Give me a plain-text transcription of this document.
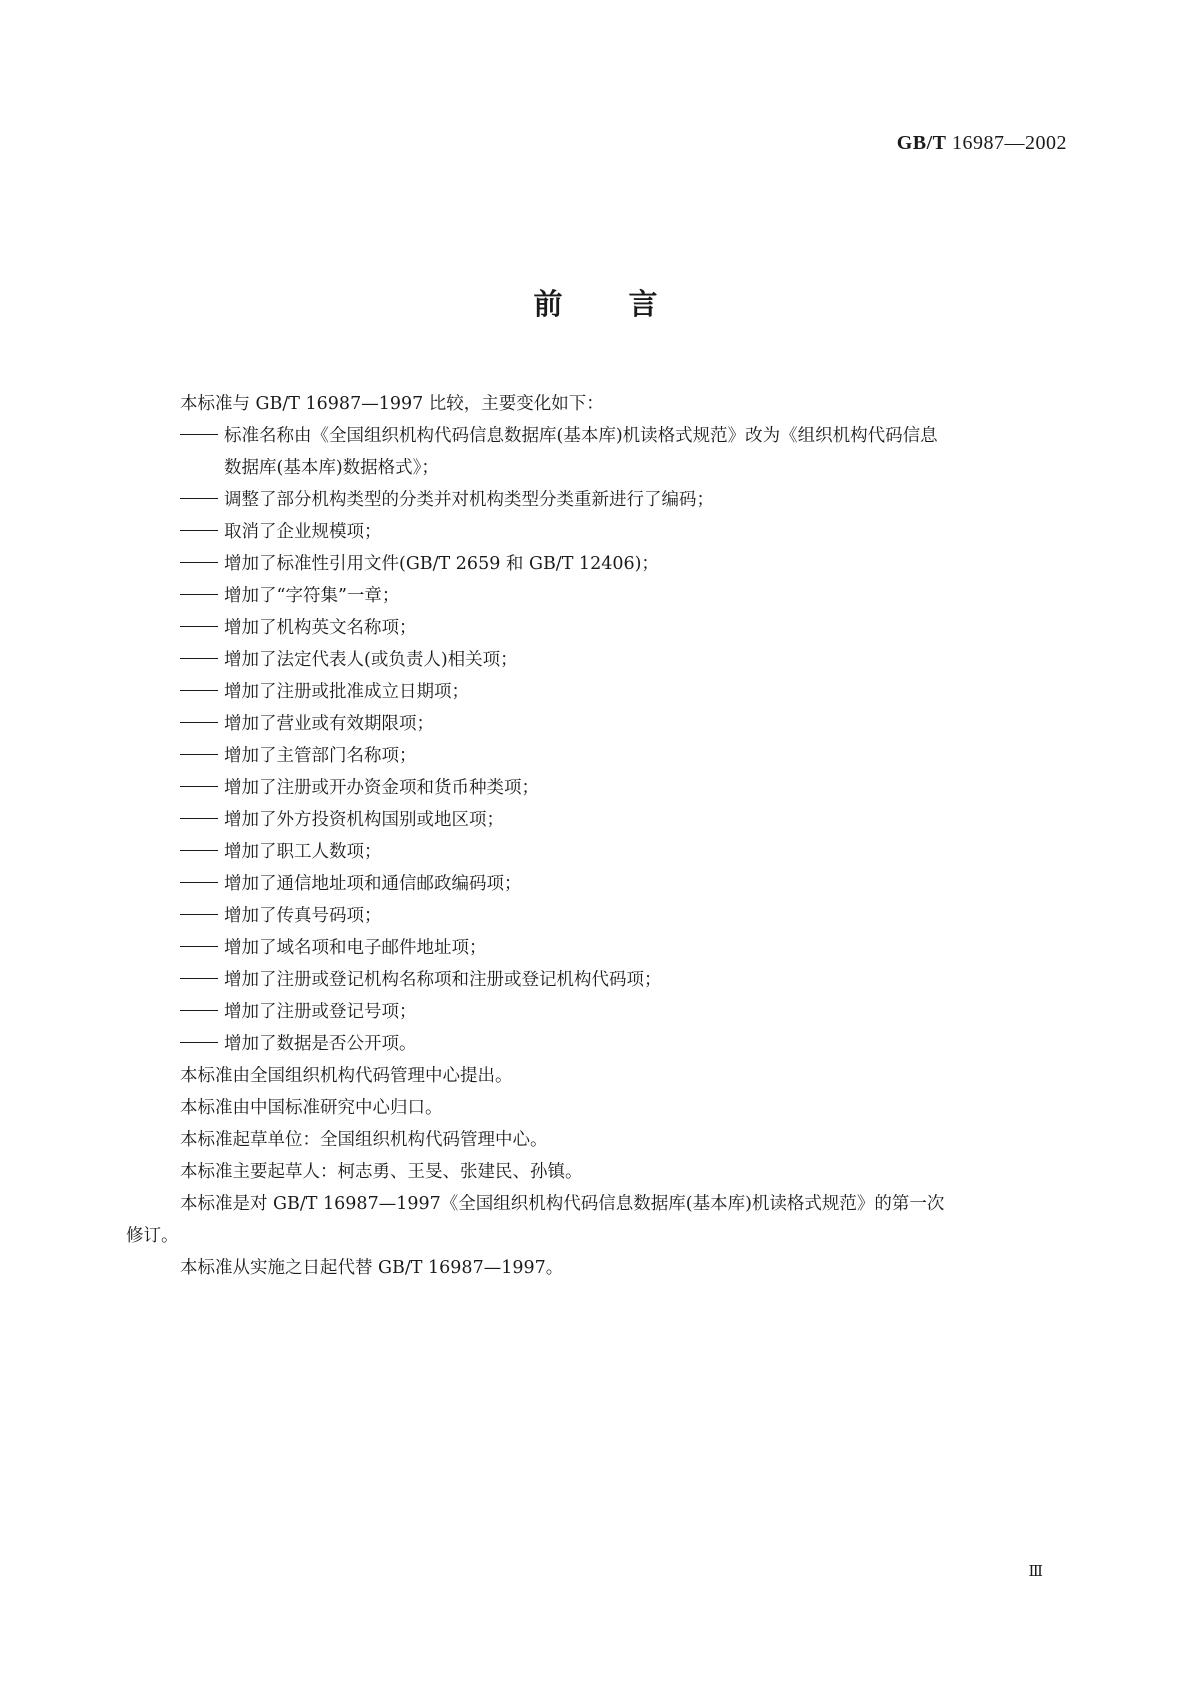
GB/T 16987—2002
前言
本标准与 GB/T 16987—1997 比较，主要变化如下：
标准名称由《全国组织机构代码信息数据库(基本库)机读格式规范》改为《组织机构代码信息
数据库(基本库)数据格式》；
调整了部分机构类型的分类并对机构类型分类重新进行了编码；
取消了企业规模项；
增加了标准性引用文件(GB/T 2659 和 GB/T 12406)；
增加了“字符集”一章；
增加了机构英文名称项；
增加了法定代表人(或负责人)相关项；
增加了注册或批准成立日期项；
增加了营业或有效期限项；
增加了主管部门名称项；
增加了注册或开办资金项和货币种类项；
增加了外方投资机构国别或地区项；
增加了职工人数项；
增加了通信地址项和通信邮政编码项；
增加了传真号码项；
增加了域名项和电子邮件地址项；
增加了注册或登记机构名称项和注册或登记机构代码项；
增加了注册或登记号项；
增加了数据是否公开项。
本标准由全国组织机构代码管理中心提出。
本标准由中国标准研究中心归口。
本标准起草单位：全国组织机构代码管理中心。
本标准主要起草人：柯志勇、王旻、张建民、孙镇。
本标准是对 GB/T 16987—1997《全国组织机构代码信息数据库(基本库)机读格式规范》的第一次
修订。
本标准从实施之日起代替 GB/T 16987—1997。
Ⅲ
